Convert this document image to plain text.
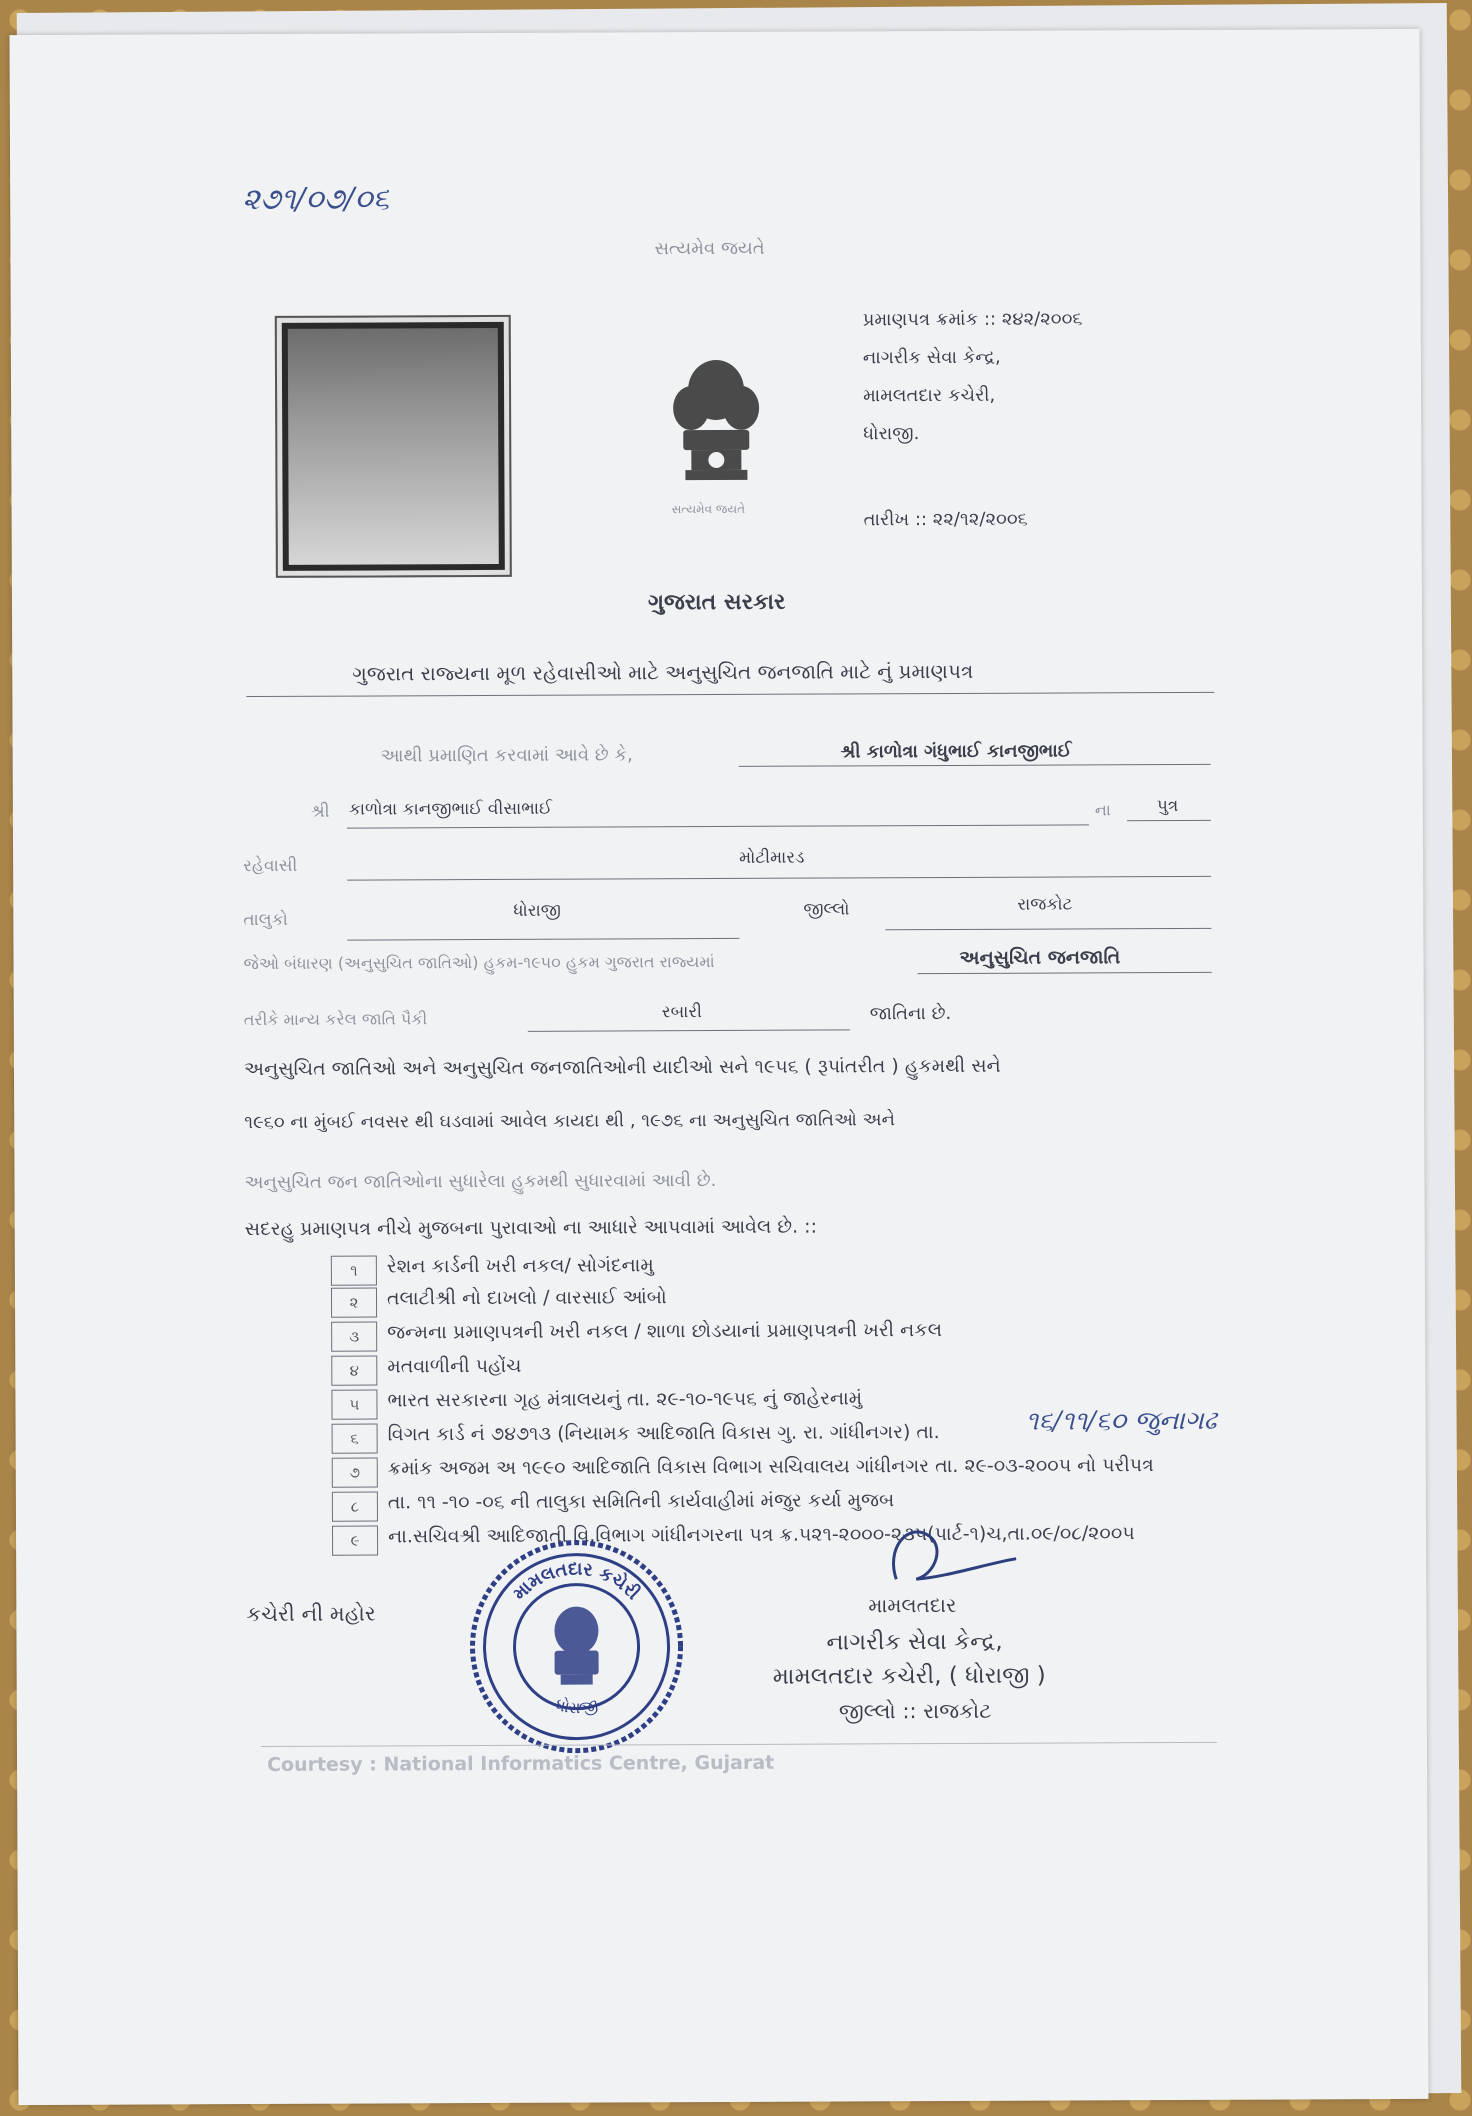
૨૭૧/૦૭/૦૬
સત્યમેવ જયતે
સત્યમેવ જયતે
પ્રમાણપત્ર ક્રમાંક :: ૨૪૨/૨૦૦૬
નાગરીક સેવા કેન્દ્ર,
મામલતદાર કચેરી,
ધોરાજી.
તારીખ :: ૨૨/૧૨/૨૦૦૬
ગુજરાત સરકાર
ગુજરાત રાજ્યના મૂળ રહેવાસીઓ માટે અનુસુચિત જનજાતિ માટે નું પ્રમાણપત્ર
આથી પ્રમાણિત કરવામાં આવે છે કે,	શ્રી કાળોત્રા ગંધુભાઈ કાનજીભાઈ
શ્રી કાળોત્રા કાનજીભાઈ વીસાભાઈ	ના	પુત્ર
રહેવાસી	મોટીમારડ
તાલુકો	ધોરાજી	જીલ્લો	રાજકોટ
જેઓ બંધારણ (અનુસુચિત જાતિઓ) હુકમ-૧૯૫૦ હુકમ ગુજરાત રાજ્યમાં	અનુસુચિત જનજાતિ
તરીકે માન્ય કરેલ જાતિ પૈકી	રબારી	જાતિના છે.
અનુસુચિત જાતિઓ અને અનુસુચિત જનજાતિઓની યાદીઓ સને ૧૯૫૬ ( રૂપાંતરીત ) હુકમથી સને
૧૯૬૦ ના મુંબઈ નવસર થી ઘડવામાં આવેલ કાયદા થી , ૧૯૭૬ ના અનુસુચિત જાતિઓ અને
અનુસુચિત જન જાતિઓના સુધારેલા હુકમથી સુધારવામાં આવી છે.
સદરહુ પ્રમાણપત્ર નીચે મુજબના પુરાવાઓ ના આધારે આપવામાં આવેલ છે. ::
૧	રેશન કાર્ડની ખરી નકલ/ સોગંદનામુ
૨	તલાટીશ્રી નો દાખલો / વારસાઈ આંબો
૩	જન્મના પ્રમાણપત્રની ખરી નકલ / શાળા છોડયાનાં પ્રમાણપત્રની ખરી નકલ
૪	મતવાળીની પહોંચ
૫	ભારત સરકારના ગૃહ મંત્રાલયનું તા. ૨૯-૧૦-૧૯૫૬ નું જાહેરનામું
૬	વિગત કાર્ડ નં ૭૪૭૧૩ (નિયામક આદિજાતિ વિકાસ ગુ. રા. ગાંધીનગર) તા.	૧૬/૧૧/૬૦ જુનાગઢ
૭	ક્રમાંક અજમ અ ૧૯૯૦ આદિજાતિ વિકાસ વિભાગ સચિવાલય ગાંધીનગર તા. ૨૯-૦૩-૨૦૦૫ નો પરીપત્ર
૮	તા. ૧૧ -૧૦ -૦૬ ની તાલુકા સમિતિની કાર્યવાહીમાં મંજુર કર્યા મુજબ
૯	ના.સચિવશ્રી આદિજાતી વિ.વિભાગ ગાંધીનગરના પત્ર ક્ર.૫૨૧-૨૦૦૦-૨૩૫(પાર્ટ-૧)ચ,તા.૦૯/૦૮/૨૦૦૫
કચેરી ની મહોર
મામલતદાર કચેરી
ધોરાજી
મામલતદાર
નાગરીક સેવા કેન્દ્ર,
મામલતદાર કચેરી, ( ધોરાજી )
જીલ્લો :: રાજકોટ
Courtesy : National Informatics Centre, Gujarat
